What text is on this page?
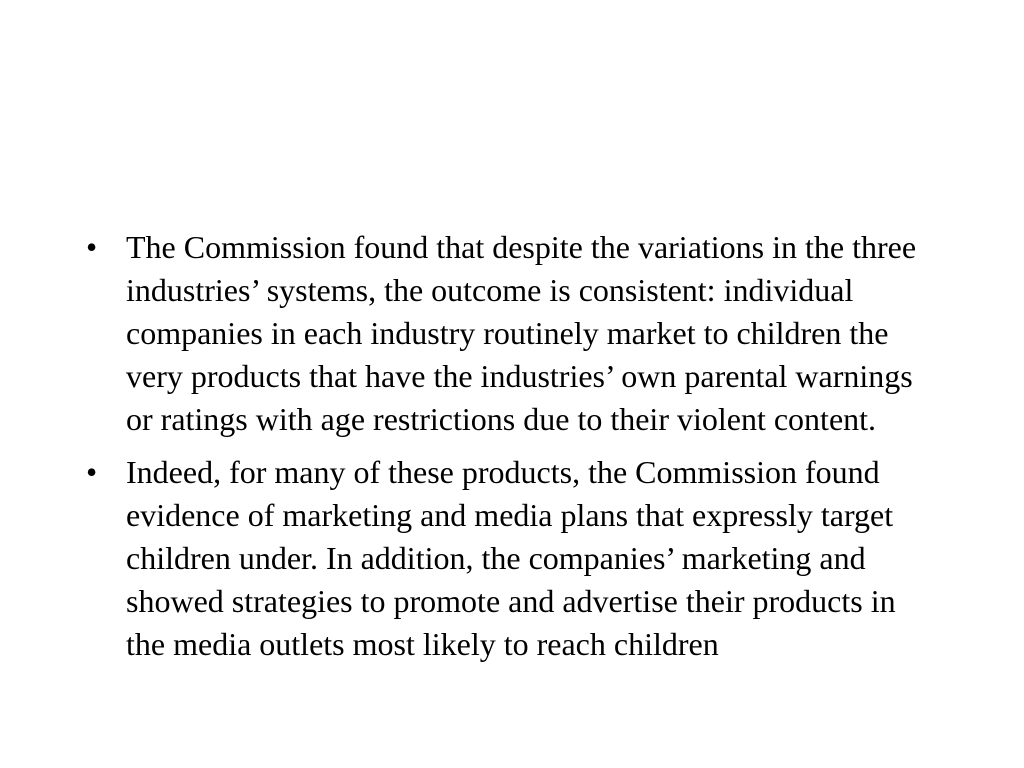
• The Commission found that despite the variations in the three industries’ systems, the outcome is consistent: individual companies in each industry routinely market to children the very products that have the industries’ own parental warnings or ratings with age restrictions due to their violent content.
• Indeed, for many of these products, the Commission found evidence of marketing and media plans that expressly target children under. In addition, the companies’ marketing and showed strategies to promote and advertise their products in the media outlets most likely to reach children
